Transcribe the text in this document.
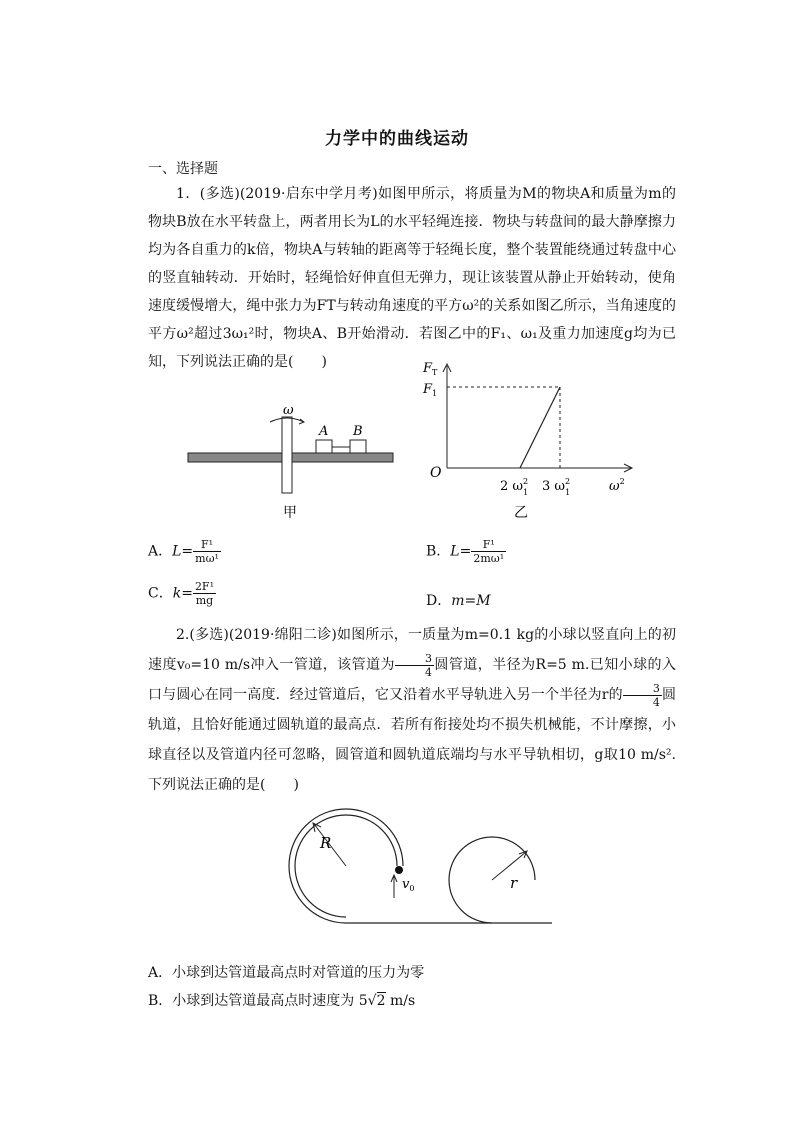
力学中的曲线运动
一、选择题
1．(多选)(2019·启东中学月考)如图甲所示，将质量为M的物块A和质量为m的物块B放在水平转盘上，两者用长为L的水平轻绳连接．物块与转盘间的最大静摩擦力均为各自重力的k倍，物块A与转轴的距离等于轻绳长度，整个装置能绕通过转盘中心的竖直轴转动．开始时，轻绳恰好伸直但无弹力，现让该装置从静止开始转动，使角速度缓慢增大，绳中张力为FT与转动角速度的平方ω²的关系如图乙所示，当角速度的平方ω²超过3ω₁²时，物块A、B开始滑动．若图乙中的F₁、ω₁及重力加速度g均为已知，下列说法正确的是(　　)
ω
A B
甲
$F_T$
$F_1$
O
2 $\omega^2$ 1 3 $\omega^2$ 1	$\omega^2$
乙
A．$L= \frac{\text{F¹}}{\text{mω¹}}$	B．$L= \frac{\text{F¹}}{\text{2mω¹}}$
C．$k= \frac{\text{2F¹}}{mg}$	D．m=M
2.(多选)(2019·绵阳二诊)如图所示，一质量为m=0.1 kg的小球以竖直向上的初速度v₀=10 m/s冲入一管道，该管道为 $\frac{3}{4}$ 圆管道，半径为R=5 m.已知小球的入口与圆心在同一高度．经过管道后，它又沿着水平导轨进入另一个半径为r的 $\frac{3}{4}$ 圆轨道，且恰好能通过圆轨道的最高点．若所有衔接处均不损失机械能，不计摩擦，小球直径以及管道内径可忽略，圆管道和圆轨道底端均与水平导轨相切，g取10 m/s².下列说法正确的是(　　)
R
$v_0$	r
A．小球到达管道最高点时对管道的压力为零
B．小球到达管道最高点时速度为 5√2 m/s
